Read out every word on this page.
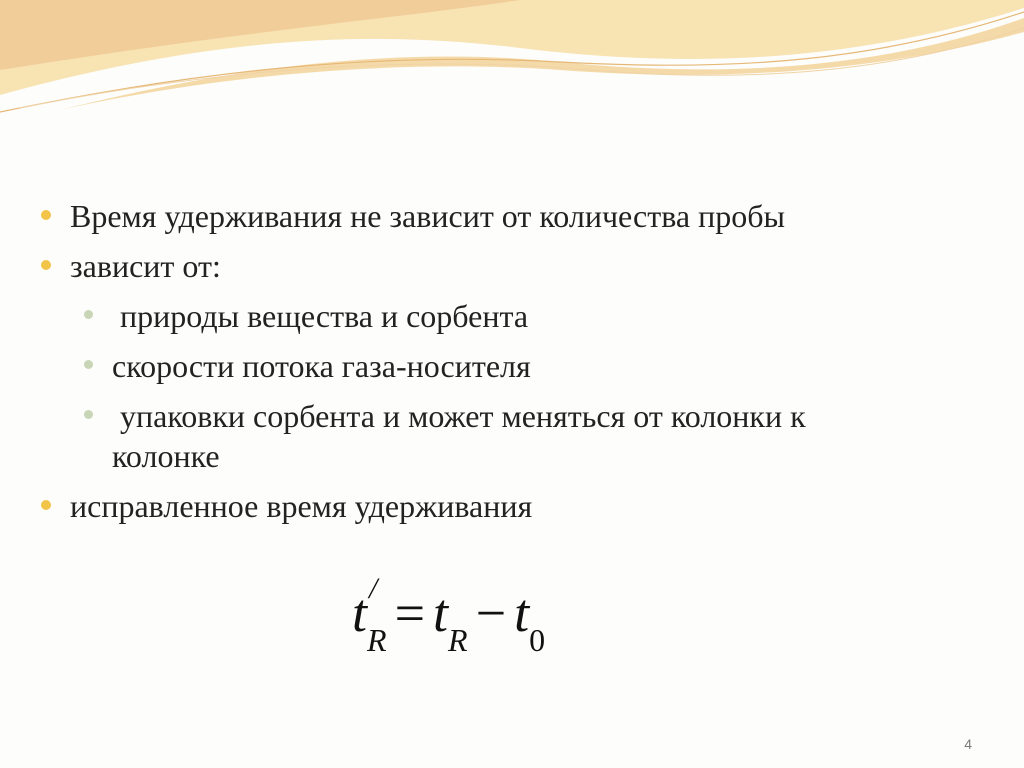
Время удерживания не зависит от количества пробы
зависит от:
природы вещества и сорбента
скорости потока газа-носителя
упаковки сорбента и может меняться от колонки к колонке
исправленное время удерживания
t /
$_R = t_R - t_0$
4
